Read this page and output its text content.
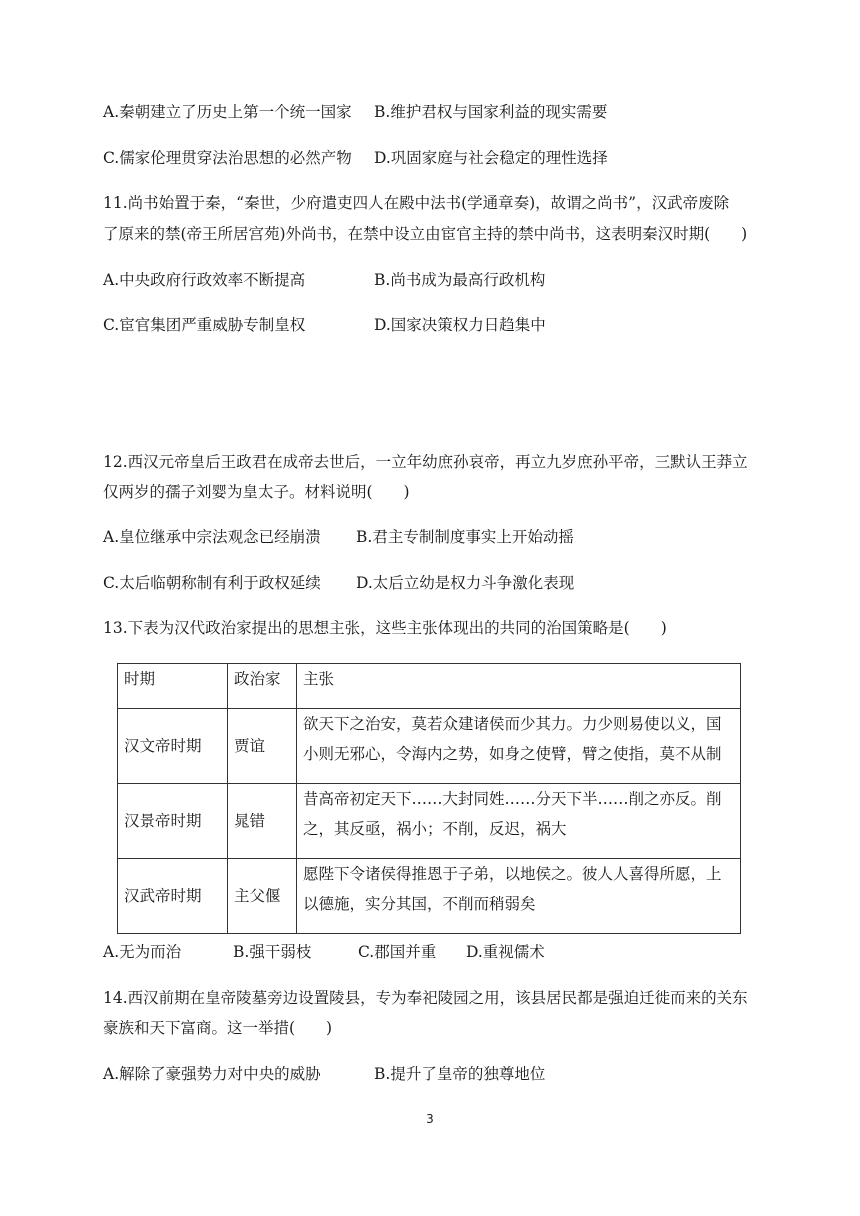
A.秦朝建立了历史上第一个统一国家 B.维护君权与国家利益的现实需要
C.儒家伦理贯穿法治思想的必然产物 D.巩固家庭与社会稳定的理性选择
11.尚书始置于秦，“秦世，少府遣吏四人在殿中法书(学通章奏)，故谓之尚书”，汉武帝废除
了原来的禁(帝王所居宫苑)外尚书，在禁中设立由宦官主持的禁中尚书，这表明秦汉时期(　　)
A.中央政府行政效率不断提高	B.尚书成为最高行政机构
C.宦官集团严重威胁专制皇权	D.国家决策权力日趋集中
12.西汉元帝皇后王政君在成帝去世后，一立年幼庶孙哀帝，再立九岁庶孙平帝，三默认王莽立
仅两岁的孺子刘婴为皇太子。材料说明(　　)
A.皇位继承中宗法观念已经崩溃 B.君主专制制度事实上开始动摇
C.太后临朝称制有利于政权延续 D.太后立幼是权力斗争激化表现
13.下表为汉代政治家提出的思想主张，这些主张体现出的共同的治国策略是(　　)
时期	政治家	主张
汉文帝时期	贾谊	欲天下之治安，莫若众建诸侯而少其力。力少则易使以义，国
小则无邪心，令海内之势，如身之使臂，臂之使指，莫不从制

汉景帝时期	晁错	昔高帝初定天下……大封同姓……分天下半……削之亦反。削
之，其反亟，祸小；不削，反迟，祸大

汉武帝时期	主父偃	愿陛下令诸侯得推恩于子弟，以地侯之。彼人人喜得所愿，上
以德施，实分其国，不削而稍弱矣
A.无为而治	B.强干弱枝	C.郡国并重 D.重视儒术
14.西汉前期在皇帝陵墓旁边设置陵县，专为奉祀陵园之用，该县居民都是强迫迁徙而来的关东
豪族和天下富商。这一举措(　　)
A.解除了豪强势力对中央的威胁	B.提升了皇帝的独尊地位
3
